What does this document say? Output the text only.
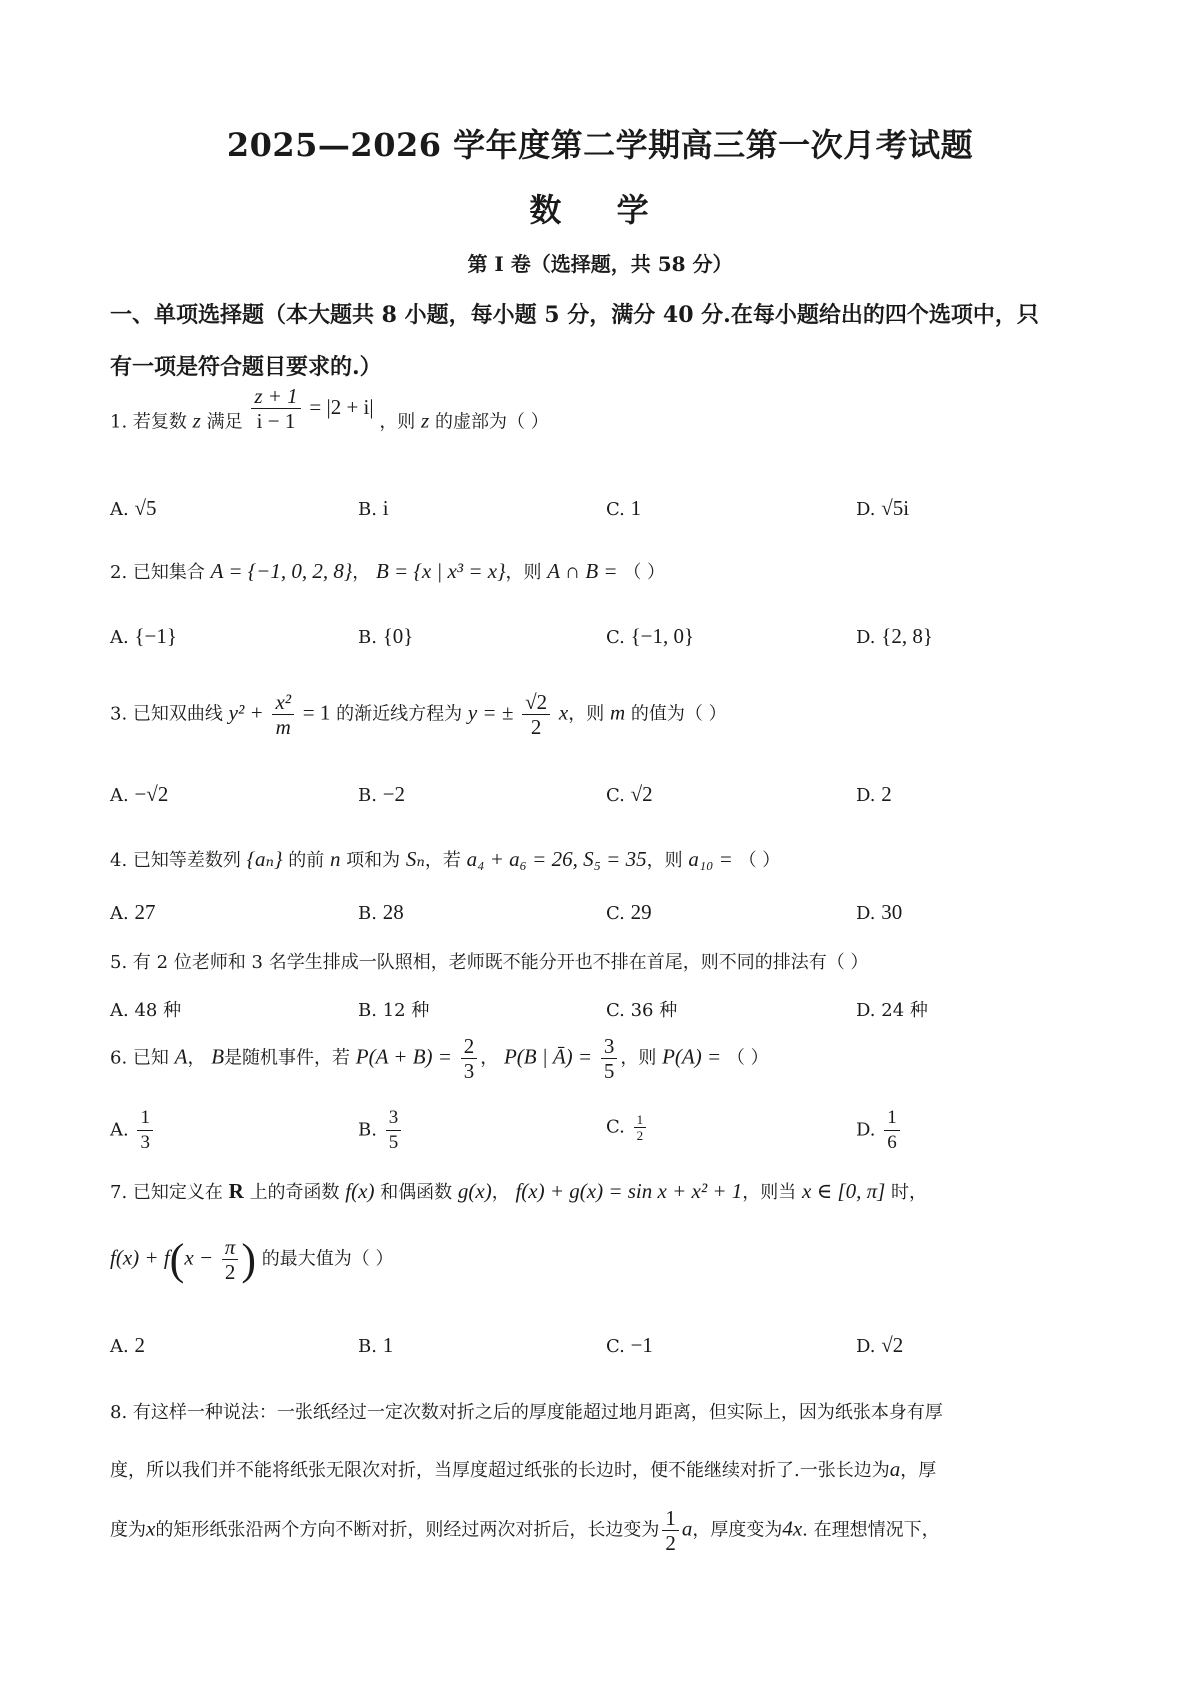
2025—2026 学年度第二学期高三第一次月考试题
数 学
第 I 卷（选择题，共 58 分）
一、单项选择题（本大题共 8 小题，每小题 5 分，满分 40 分.在每小题给出的四个选项中，只
有一项是符合题目要求的.）
1. 若复数 z 满足 $\frac{z + 1}{i - 1} = |2 + i|$ ，则 z 的虚部为（ ）
A. √5	B. i	C. 1	D. √5i
2. 已知集合 A = {−1, 0, 2, 8}， B = {x | x³ = x}，则 A ∩ B = （ ）
A. {−1}	B. {0}	C. {−1, 0}	D. {2, 8}
3. 已知双曲线 $y^2 + \frac{\text{x²}}{m} = 1$ 的渐近线方程为 y = ± $\frac{√2}{2}$ x，则 m 的值为（ ）
A. −√2	B. −2	C. √2	D. 2
4. 已知等差数列 {aₙ} 的前 n 项和为 Sₙ，若 a₄ + a₆ = 26, S₅ = 35，则 a₁₀ = （ ）
A. 27	B. 28	C. 29	D. 30
5. 有 2 位老师和 3 名学生排成一队照相，老师既不能分开也不排在首尾，则不同的排法有（ ）
A. 48 种	B. 12 种	C. 36 种	D. 24 种
6. 已知 A， B是随机事件，若 $P(A + B) = \frac{2}{3}$ ， P(B | Ā) = $\frac{3}{5}$ ，则 P(A) = （ ）
A. $\frac{1}{3}$	B. $\frac{3}{5}$	C. $\frac{1}{2}$	D. $\frac{1}{6}$
7. 已知定义在 R 上的奇函数 f(x) 和偶函数 g(x)， f(x) + g(x) = sin x + x² + 1，则当 x ∈ [0, π] 时，
$f(x) + f(x - \frac{\pi}{2}$ ) 的最大值为（ ）
A. 2	B. 1	C. −1	D. √2
8. 有这样一种说法：一张纸经过一定次数对折之后的厚度能超过地月距离，但实际上，因为纸张本身有厚
度，所以我们并不能将纸张无限次对折，当厚度超过纸张的长边时，便不能继续对折了.一张长边为a，厚
度为x的矩形纸张沿两个方向不断对折，则经过两次对折后，长边变为 $\frac{1}{2}$ a，厚度变为4x. 在理想情况下，
